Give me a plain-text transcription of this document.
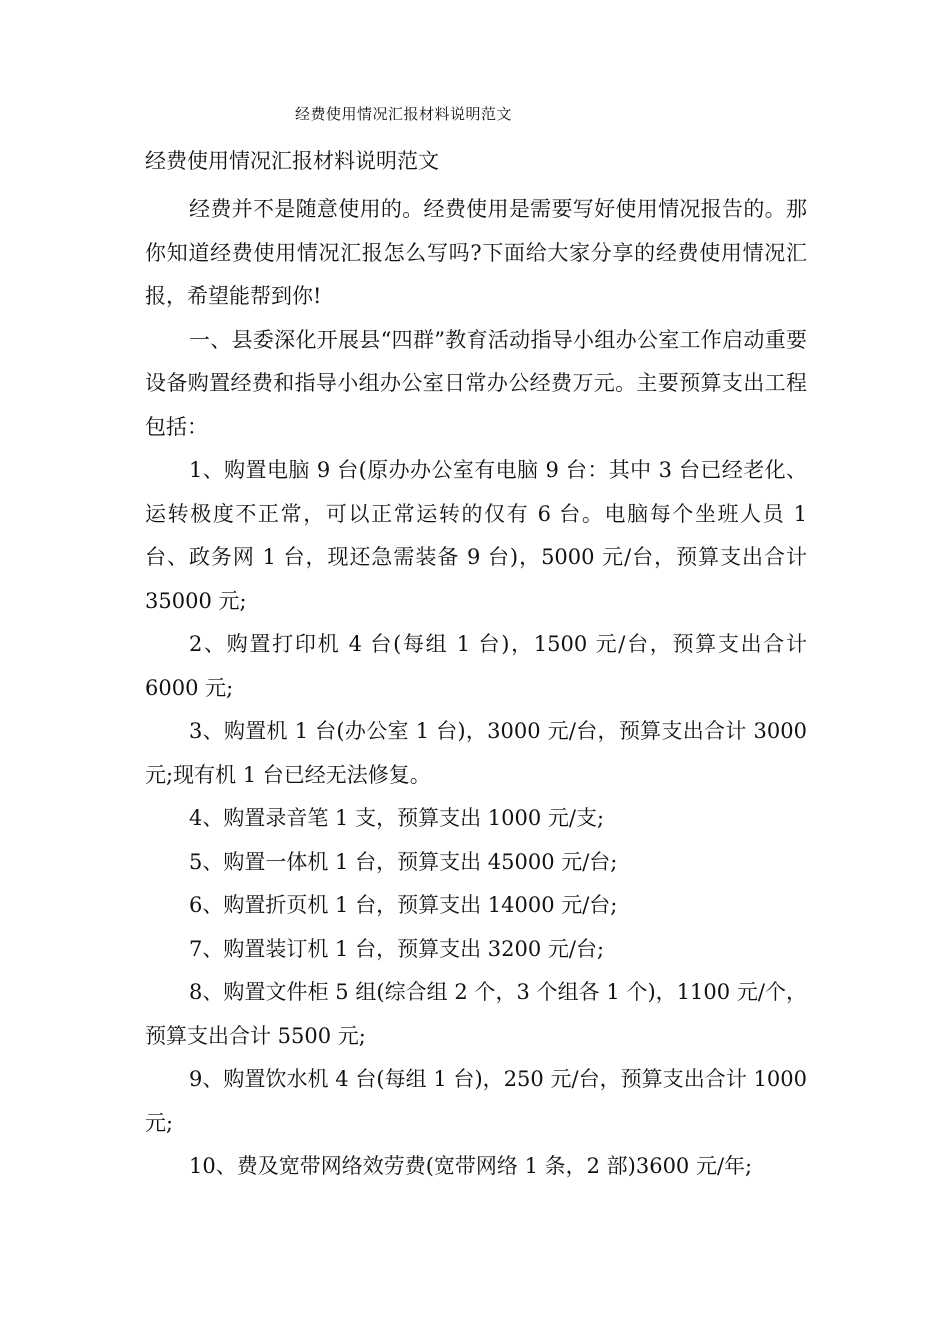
经费使用情况汇报材料说明范文
经费使用情况汇报材料说明范文

经费并不是随意使用的。经费使用是需要写好使用情况报告的。那你知道经费使用情况汇报怎么写吗?下面给大家分享的经费使用情况汇报，希望能帮到你!

一、县委深化开展县“四群”教育活动指导小组办公室工作启动重要设备购置经费和指导小组办公室日常办公经费万元。主要预算支出工程包括：

1、购置电脑 9 台(原办办公室有电脑 9 台：其中 3 台已经老化、运转极度不正常，可以正常运转的仅有 6 台。电脑每个坐班人员 1 台、政务网 1 台，现还急需装备 9 台)，5000 元/台，预算支出合计 35000 元;

2、购置打印机 4 台(每组 1 台)，1500 元/台，预算支出合计 6000 元;

3、购置机 1 台(办公室 1 台)，3000 元/台，预算支出合计 3000 元;现有机 1 台已经无法修复。

4、购置录音笔 1 支，预算支出 1000 元/支;

5、购置一体机 1 台，预算支出 45000 元/台;

6、购置折页机 1 台，预算支出 14000 元/台;

7、购置装订机 1 台，预算支出 3200 元/台;

8、购置文件柜 5 组(综合组 2 个，3 个组各 1 个)，1100 元/个，预算支出合计 5500 元;

9、购置饮水机 4 台(每组 1 台)，250 元/台，预算支出合计 1000 元;

10、费及宽带网络效劳费(宽带网络 1 条，2 部)3600 元/年;
